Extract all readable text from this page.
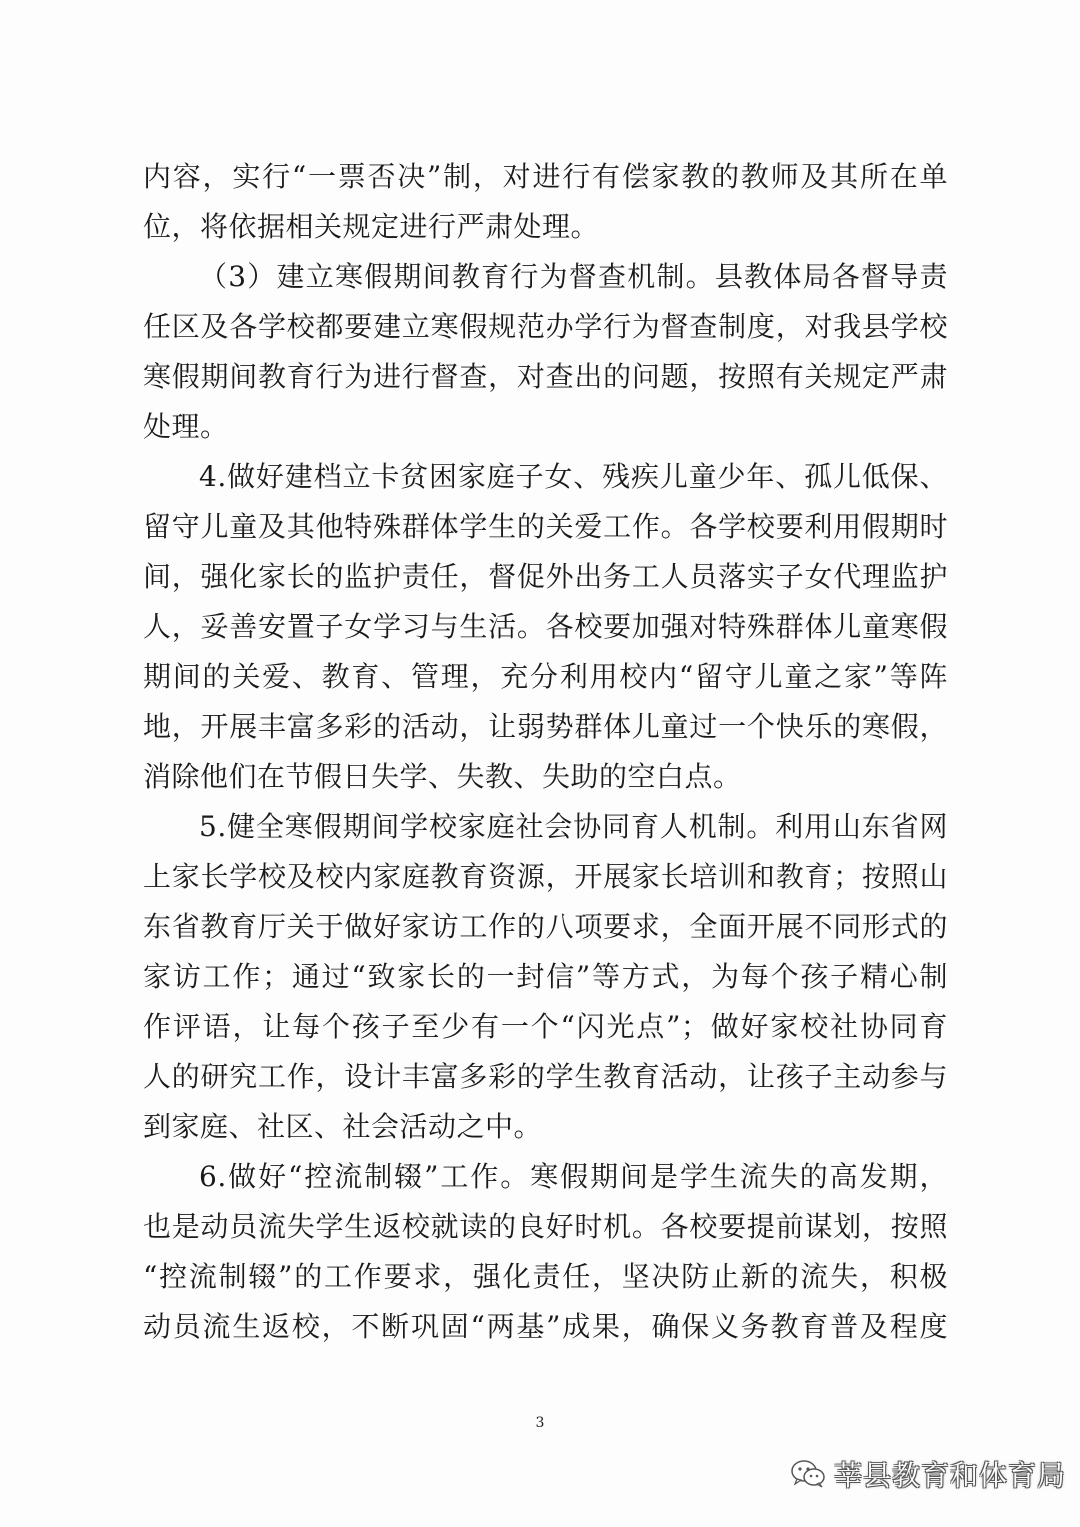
内容，实行“一票否决”制，对进行有偿家教的教师及其所在单
位，将依据相关规定进行严肃处理。
（3）建立寒假期间教育行为督查机制。县教体局各督导责
任区及各学校都要建立寒假规范办学行为督查制度，对我县学校
寒假期间教育行为进行督查，对查出的问题，按照有关规定严肃
处理。
4.做好建档立卡贫困家庭子女、残疾儿童少年、孤儿低保、
留守儿童及其他特殊群体学生的关爱工作。各学校要利用假期时
间，强化家长的监护责任，督促外出务工人员落实子女代理监护
人，妥善安置子女学习与生活。各校要加强对特殊群体儿童寒假
期间的关爱、教育、管理，充分利用校内“留守儿童之家”等阵
地，开展丰富多彩的活动，让弱势群体儿童过一个快乐的寒假，
消除他们在节假日失学、失教、失助的空白点。
5.健全寒假期间学校家庭社会协同育人机制。利用山东省网
上家长学校及校内家庭教育资源，开展家长培训和教育；按照山
东省教育厅关于做好家访工作的八项要求，全面开展不同形式的
家访工作；通过“致家长的一封信”等方式，为每个孩子精心制
作评语，让每个孩子至少有一个“闪光点”；做好家校社协同育
人的研究工作，设计丰富多彩的学生教育活动，让孩子主动参与
到家庭、社区、社会活动之中。
6.做好“控流制辍”工作。寒假期间是学生流失的高发期，
也是动员流失学生返校就读的良好时机。各校要提前谋划，按照
“控流制辍”的工作要求，强化责任，坚决防止新的流失，积极
动员流生返校，不断巩固“两基”成果，确保义务教育普及程度
3
莘县教育和体育局
